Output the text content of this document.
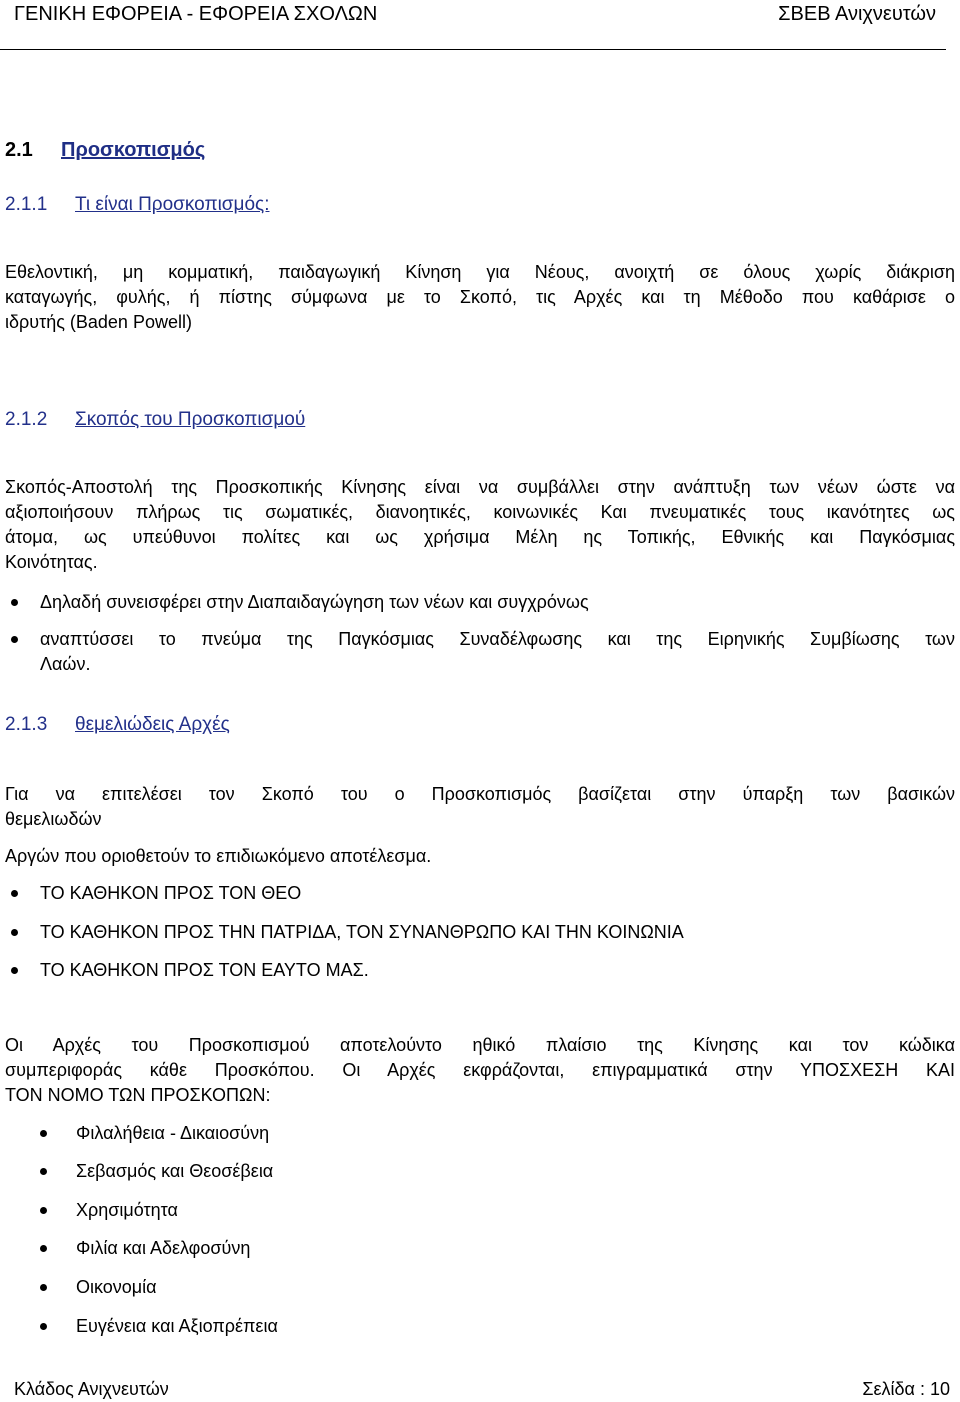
ΓΕΝΙΚΗ ΕΦΟΡΕΙΑ - ΕΦΟΡΕΙΑ ΣΧΟΛΩΝ	ΣΒΕΒ Ανιχνευτών
2.1 Προσκοπισμός
2.1.1 Τι είναι Προσκοπισμός:
Εθελοντική, μη κομματική, παιδαγωγική Κίνηση για Νέους, ανοιχτή σε όλους χωρίς διάκριση
καταγωγής, φυλής, ή πίστης σύμφωνα με το Σκοπό, τις Αρχές και τη Μέθοδο που καθάρισε ο
ιδρυτής (Baden Powell)
2.1.2 Σκοπός του Προσκοπισμού
Σκοπός-Αποστολή της Προσκοπικής Κίνησης είναι να συμβάλλει στην ανάπτυξη των νέων ώστε να
αξιοποιήσουν πλήρως τις σωματικές, διανοητικές, κοινωνικές Και πνευματικές τους ικανότητες ως
άτομα, ως υπεύθυνοι πολίτες και ως χρήσιμα Μέλη ης Τοπικής, Εθνικής και Παγκόσμιας
Κοινότητας.
Δηλαδή συνεισφέρει στην Διαπαιδαγώγηση των νέων και συγχρόνως
αναπτύσσει το πνεύμα της Παγκόσμιας Συναδέλφωσης και της Ειρηνικής Συμβίωσης των
Λαών.
2.1.3 θεμελιώδεις Αρχές
Για να επιτελέσει τον Σκοπό του ο Προσκοπισμός βασίζεται στην ύπαρξη των βασικών
θεμελιωδών
Αργών που οριοθετούν το επιδιωκόμενο αποτέλεσμα.
ΤΟ ΚΑΘΗΚΟΝ ΠΡΟΣ ΤΟΝ ΘΕΟ
ΤΟ ΚΑΘΗΚΟΝ ΠΡΟΣ ΤΗΝ ΠΑΤΡΙΔΑ, ΤΟΝ ΣΥΝΑΝΘΡΩΠΟ ΚΑΙ ΤΗΝ ΚΟΙΝΩΝΙΑ
ΤΟ ΚΑΘΗΚΟΝ ΠΡΟΣ ΤΟΝ ΕΑΥΤΟ ΜΑΣ.
Οι Αρχές του Προσκοπισμού αποτελούντο ηθικό πλαίσιο της Κίνησης και τον κώδικα
συμπεριφοράς κάθε Προσκόπου. Οι Αρχές εκφράζονται, επιγραμματικά στην ΥΠΟΣΧΕΣΗ ΚΑΙ
ΤΟΝ ΝΟΜΟ ΤΩΝ ΠΡΟΣΚΟΠΩΝ:
Φιλαλήθεια - Δικαιοσύνη
Σεβασμός και Θεοσέβεια
Χρησιμότητα
Φιλία και Αδελφοσύνη
Οικονομία
Ευγένεια και Αξιοπρέπεια
Κλάδος Ανιχνευτών	Σελίδα : 10
